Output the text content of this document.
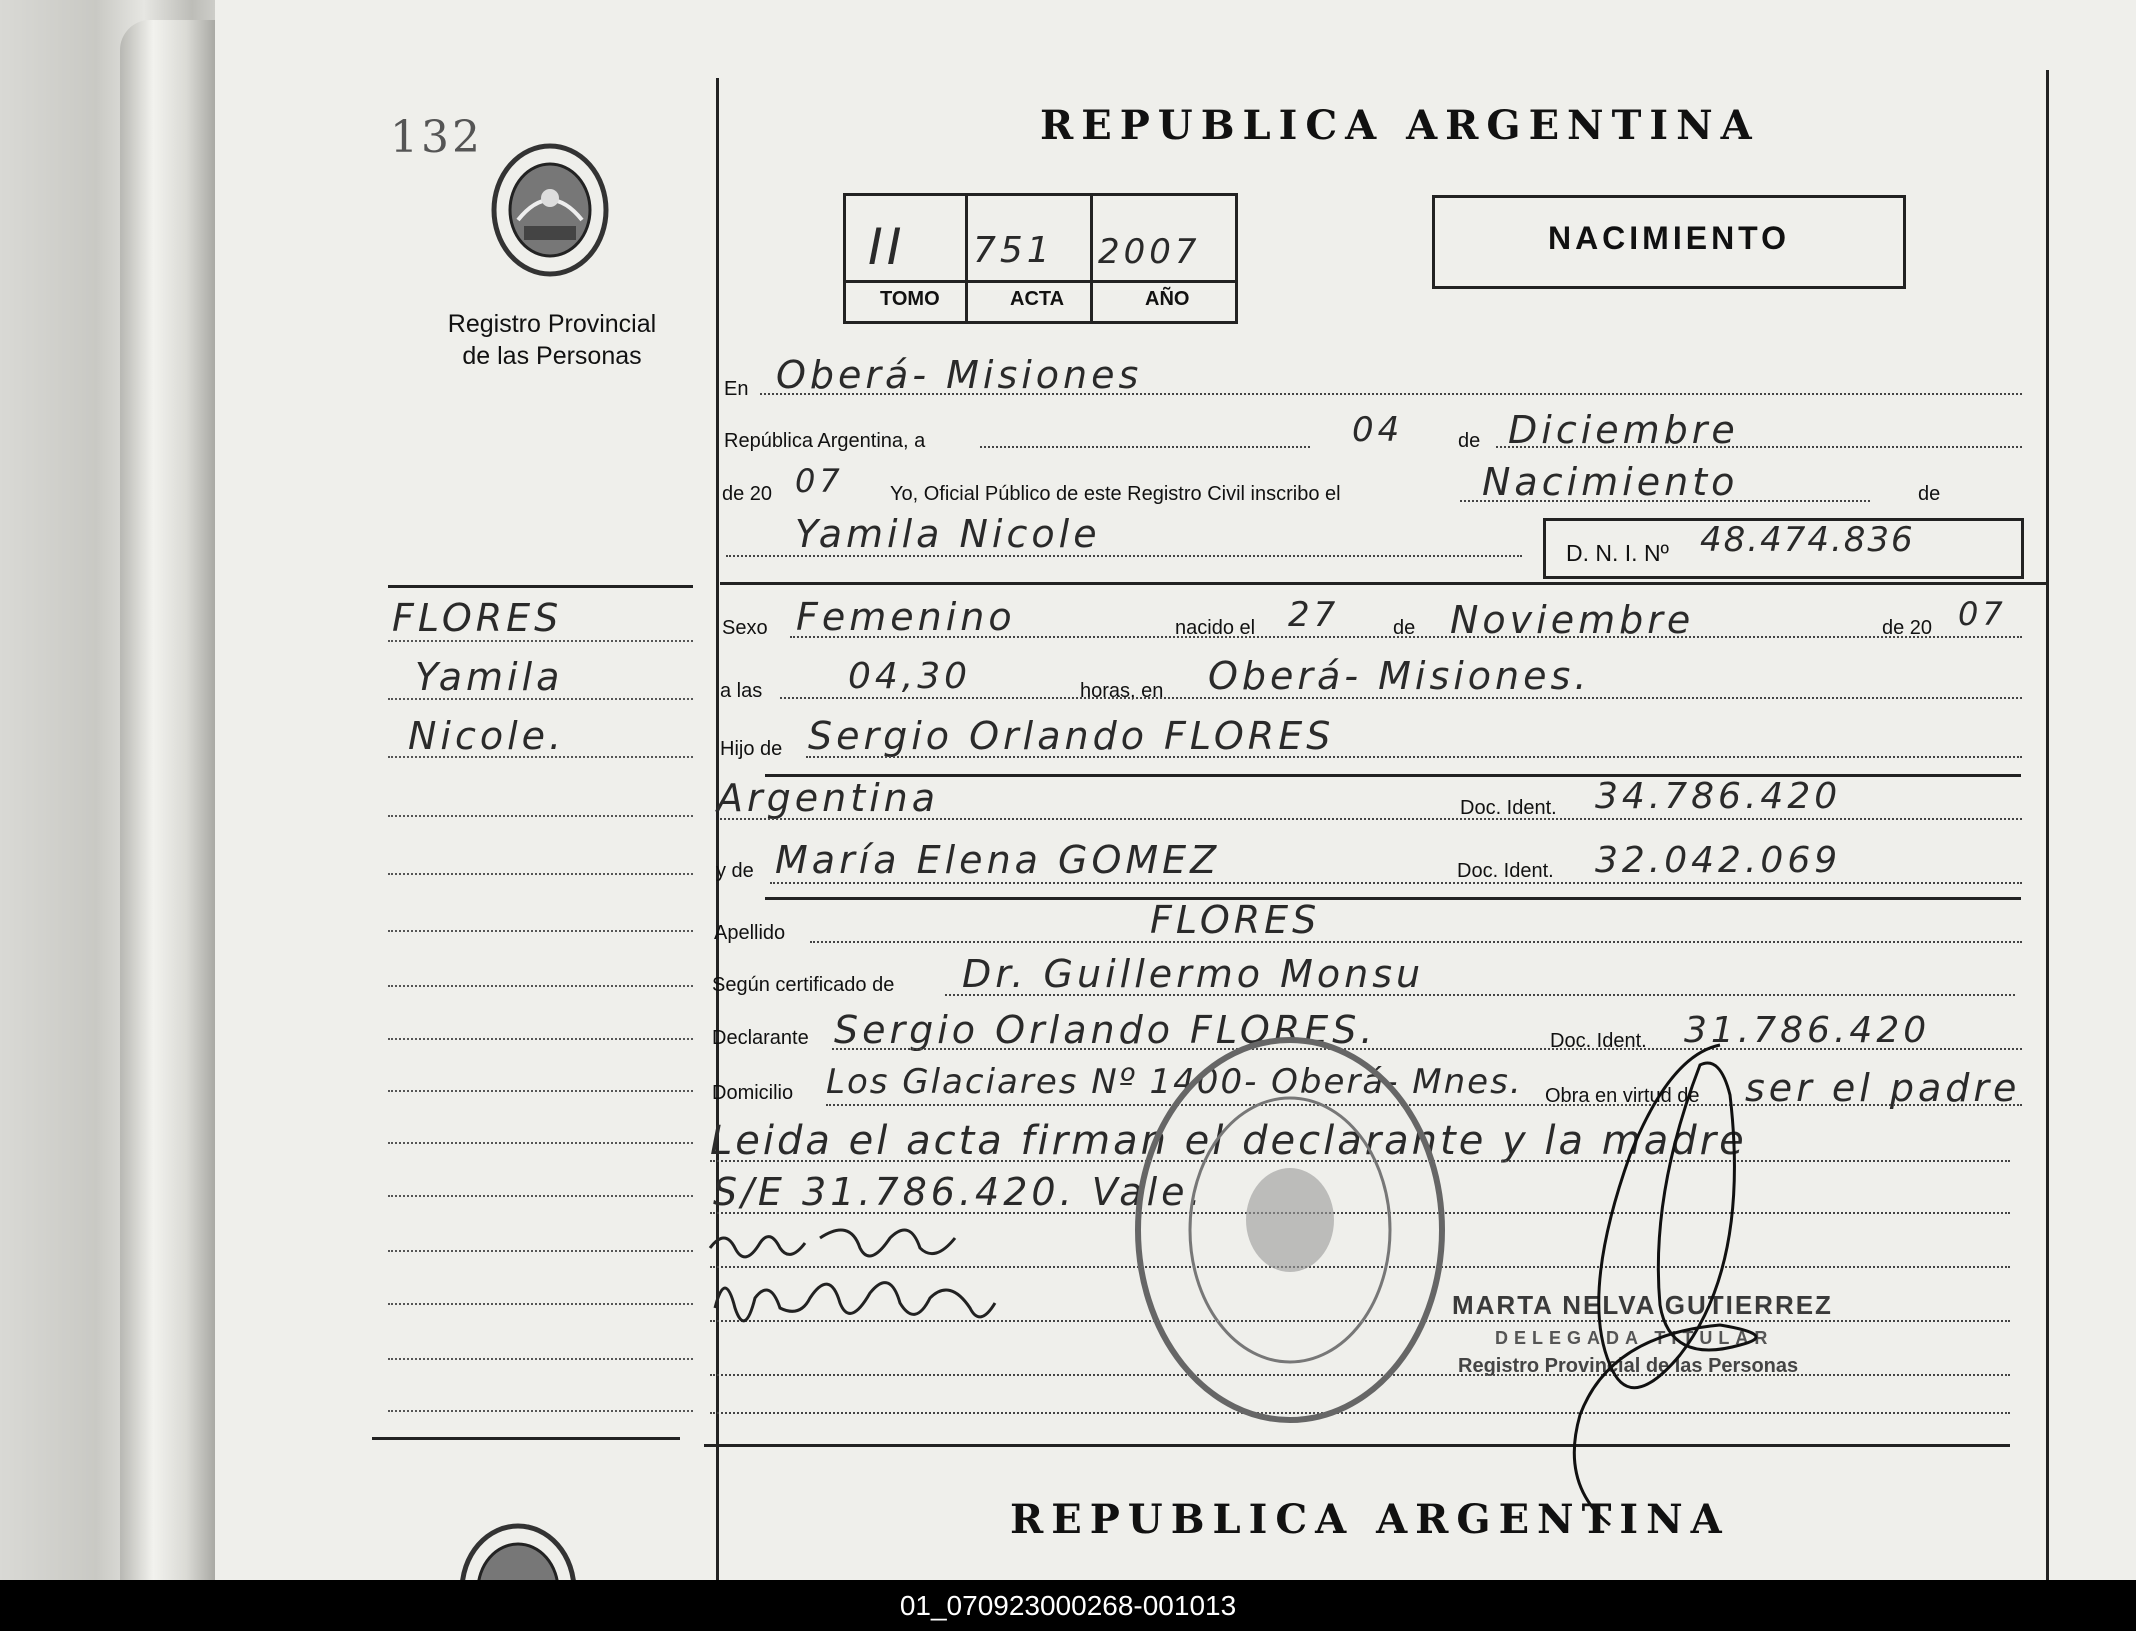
132
Registro Provincial
de las Personas
FLORES
Yamila
Nicole.
REPUBLICA ARGENTINA
II 751 2007
TOMO	ACTA	AÑO
NACIMIENTO
En Oberá- Misiones
República Argentina, a	04	de Diciembre
de 20 07 Yo, Oficial Público de este Registro Civil inscribo el	Nacimiento	de
Yamila Nicole	D. N. I. Nº 48.474.836
Sexo Femenino	nacido el 27	de Noviembre	de 20 07
a las 04,30	horas, en Oberá- Misiones.
Hijo de Sergio Orlando FLORES
Argentina	Doc. Ident. 34.786.420
y de María Elena GOMEZ	Doc. Ident. 32.042.069
Apellido	FLORES
Según certificado de Dr. Guillermo Monsu
Declarante Sergio Orlando FLORES.	Doc. Ident. 31.786.420
Domicilio Los Glaciares Nº 1400- Oberá- Mnes. Obra en virtud de ser el padre
Leida el acta firman el declarante y la madre
S/E 31.786.420. Vale.
MARTA NELVA GUTIERREZ
DELEGADA TITULAR
Registro Provincial de las Personas
REPUBLICA ARGENTINA
01_070923000268-001013
